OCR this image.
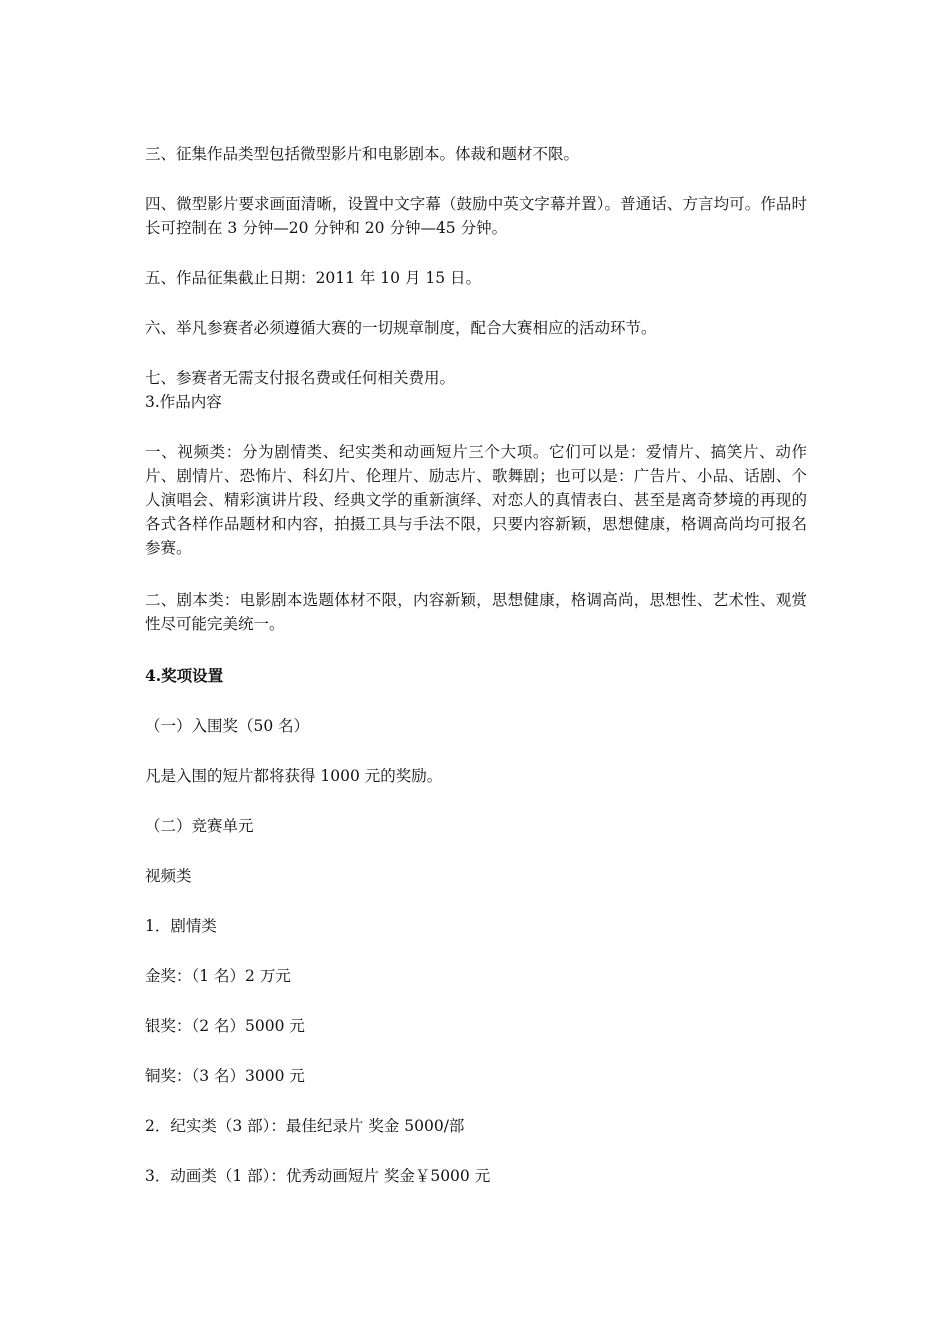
三、征集作品类型包括微型影片和电影剧本。体裁和题材不限。

四、微型影片要求画面清晰，设置中文字幕（鼓励中英文字幕并置）。普通话、方言均可。作品时长可控制在 3 分钟—20 分钟和 20 分钟—45 分钟。

五、作品征集截止日期：2011 年 10 月 15 日。

六、举凡参赛者必须遵循大赛的一切规章制度，配合大赛相应的活动环节。

七、参赛者无需支付报名费或任何相关费用。

3.作品内容

一、视频类：分为剧情类、纪实类和动画短片三个大项。它们可以是：爱情片、搞笑片、动作片、剧情片、恐怖片、科幻片、伦理片、励志片、歌舞剧；也可以是：广告片、小品、话剧、个人演唱会、精彩演讲片段、经典文学的重新演绎、对恋人的真情表白、甚至是离奇梦境的再现的各式各样作品题材和内容，拍摄工具与手法不限，只要内容新颖，思想健康，格调高尚均可报名参赛。

二、剧本类：电影剧本选题体材不限，内容新颖，思想健康，格调高尚，思想性、艺术性、观赏性尽可能完美统一。

4.奖项设置

（一）入围奖（50 名）

凡是入围的短片都将获得 1000 元的奖励。

（二）竞赛单元

视频类

1．剧情类

金奖：（1 名）2 万元

银奖：（2 名）5000 元

铜奖：（3 名）3000 元

2．纪实类（3 部）：最佳纪录片 奖金 5000/部

3．动画类（1 部）：优秀动画短片 奖金￥5000 元
